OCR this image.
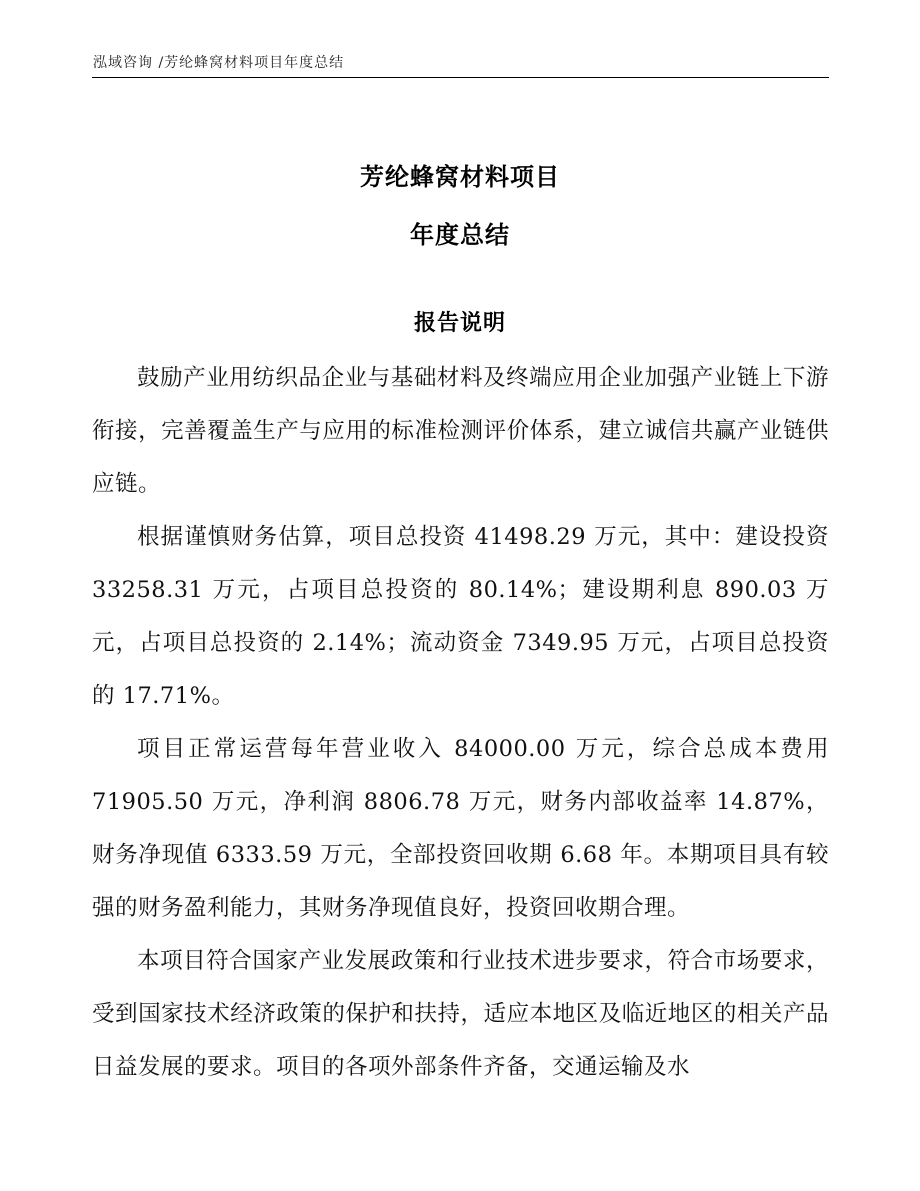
泓域咨询 /芳纶蜂窝材料项目年度总结
芳纶蜂窝材料项目
年度总结
报告说明

鼓励产业用纺织品企业与基础材料及终端应用企业加强产业链上下游衔接，完善覆盖生产与应用的标准检测评价体系，建立诚信共赢产业链供应链。

根据谨慎财务估算，项目总投资 41498.29 万元，其中：建设投资 33258.31 万元，占项目总投资的 80.14%；建设期利息 890.03 万元，占项目总投资的 2.14%；流动资金 7349.95 万元，占项目总投资的 17.71%。

项目正常运营每年营业收入 84000.00 万元，综合总成本费用 71905.50 万元，净利润 8806.78 万元，财务内部收益率 14.87%，财务净现值 6333.59 万元，全部投资回收期 6.68 年。本期项目具有较强的财务盈利能力，其财务净现值良好，投资回收期合理。

本项目符合国家产业发展政策和行业技术进步要求，符合市场要求，受到国家技术经济政策的保护和扶持，适应本地区及临近地区的相关产品日益发展的要求。项目的各项外部条件齐备，交通运输及水
